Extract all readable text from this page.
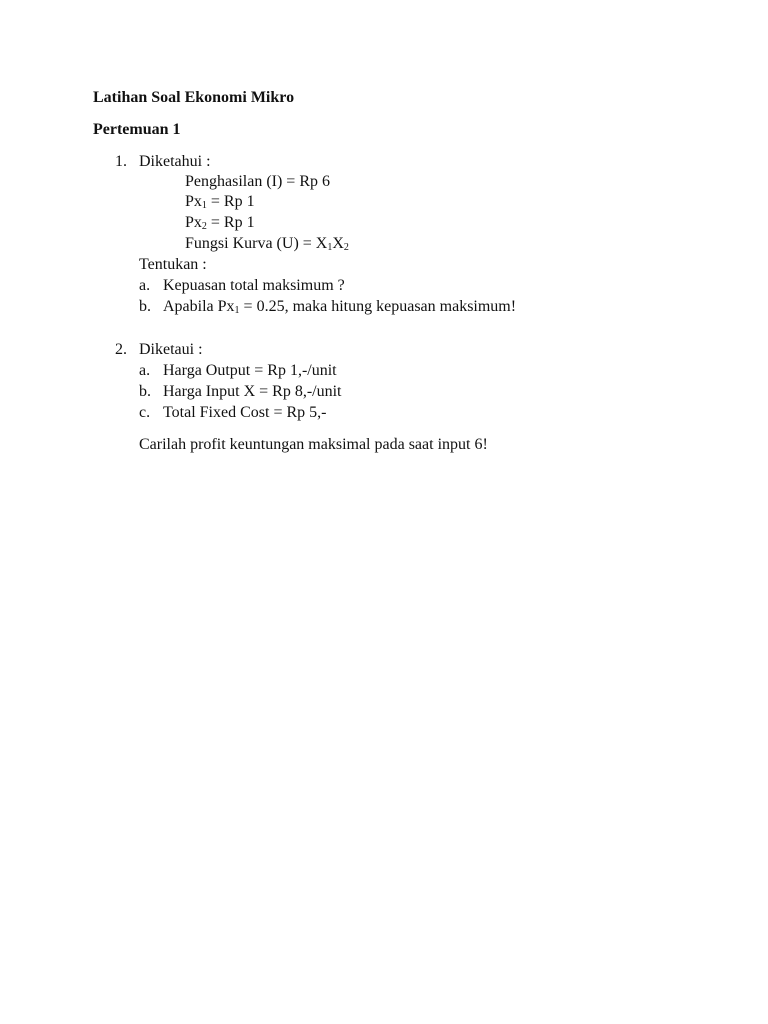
Latihan Soal Ekonomi Mikro
Pertemuan 1
1. Diketahui :
Penghasilan (I) = Rp 6
$Px_1 = Rp$ 1
$Px_2 = Rp$ 1
Fungsi Kurva $(U) = X_1X_2$
Tentukan :
a. Kepuasan total maksimum ?
b. Apabila $Px_1 = 0.25$, maka hitung kepuasan maksimum!
2. Diketaui :
a. Harga Output = Rp 1,-/unit
b. Harga Input X = Rp 8,-/unit
c. Total Fixed Cost = Rp 5,-
Carilah profit keuntungan maksimal pada saat input 6!
